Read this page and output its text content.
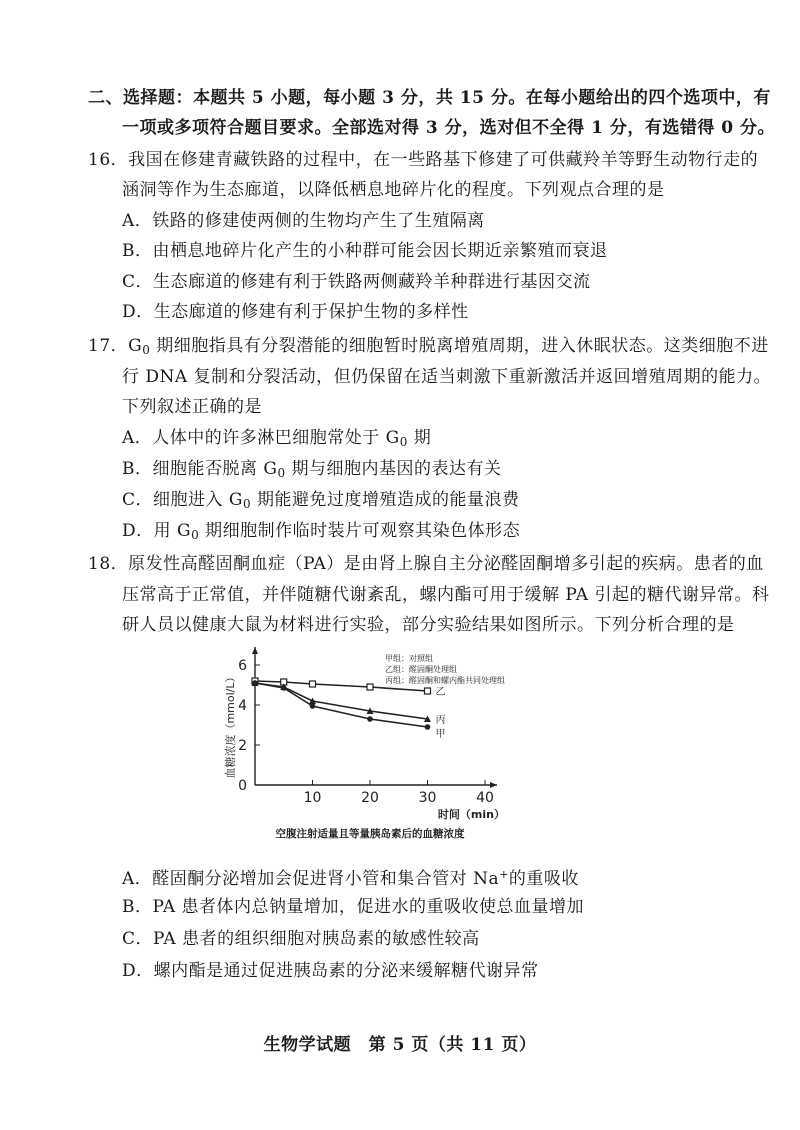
二、选择题：本题共 5 小题，每小题 3 分，共 15 分。在每小题给出的四个选项中，有
一项或多项符合题目要求。全部选对得 3 分，选对但不全得 1 分，有选错得 0 分。
16．我国在修建青藏铁路的过程中，在一些路基下修建了可供藏羚羊等野生动物行走的
涵洞等作为生态廊道，以降低栖息地碎片化的程度。下列观点合理的是
A．铁路的修建使两侧的生物均产生了生殖隔离
B．由栖息地碎片化产生的小种群可能会因长期近亲繁殖而衰退
C．生态廊道的修建有利于铁路两侧藏羚羊种群进行基因交流
D．生态廊道的修建有利于保护生物的多样性
17．$G_0$ 期细胞指具有分裂潜能的细胞暂时脱离增殖周期，进入休眠状态。这类细胞不进
行 DNA 复制和分裂活动，但仍保留在适当刺激下重新激活并返回增殖周期的能力。
下列叙述正确的是
A．人体中的许多淋巴细胞常处于 $G_0$ 期
B．细胞能否脱离 $G_0$ 期与细胞内基因的表达有关
C．细胞进入 $G_0$ 期能避免过度增殖造成的能量浪费
D．用 $G_0$ 期细胞制作临时装片可观察其染色体形态
18．原发性高醛固酮血症（PA）是由肾上腺自主分泌醛固酮增多引起的疾病。患者的血
压常高于正常值，并伴随糖代谢紊乱，螺内酯可用于缓解 PA 引起的糖代谢异常。科
研人员以健康大鼠为材料进行实验，部分实验结果如图所示。下列分析合理的是
0
2
4
6
10	20	30	40
血糖浓度（mmol/L）
时间（min）
空腹注射适量且等量胰岛素后的血糖浓度
甲组：对照组
乙组：醛固酮处理组
丙组：醛固酮和螺内酯共同处理组
乙
丙
甲
A．醛固酮分泌增加会促进肾小管和集合管对 Na+的重吸收
B．PA 患者体内总钠量增加，促进水的重吸收使总血量增加
C．PA 患者的组织细胞对胰岛素的敏感性较高
D．螺内酯是通过促进胰岛素的分泌来缓解糖代谢异常
生物学试题　第 5 页（共 11 页）
